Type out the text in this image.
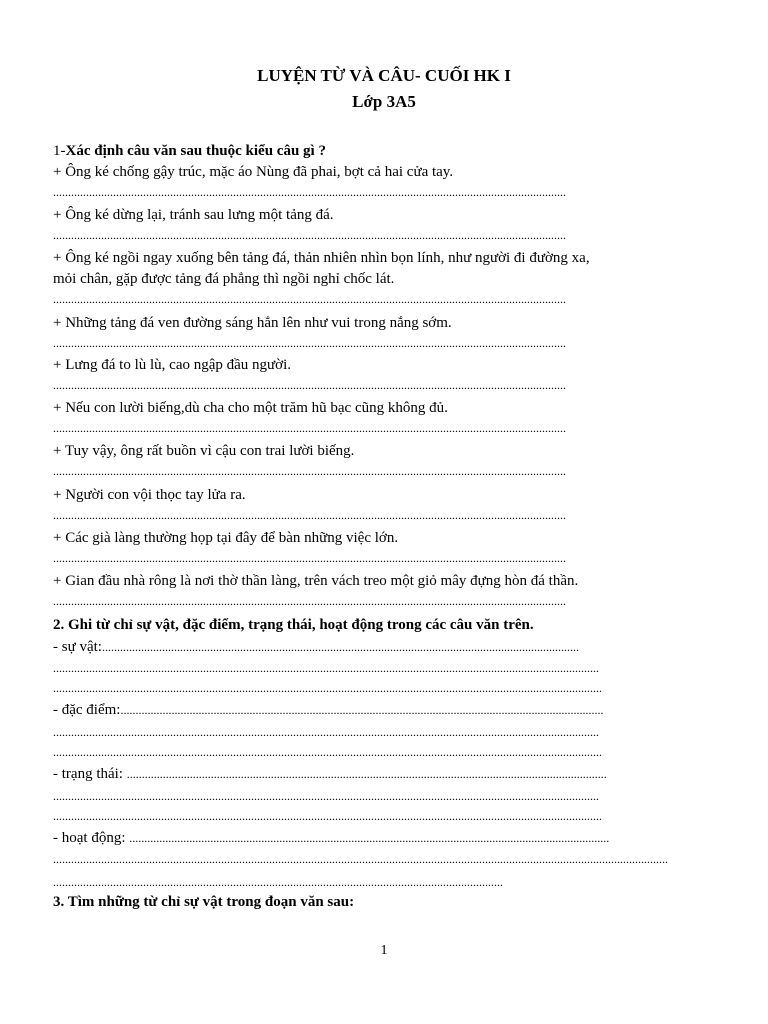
LUYỆN TỪ VÀ CÂU- CUỐI HK I
Lớp 3A5
1-Xác định câu văn sau thuộc kiểu câu gì ?
+ Ông ké chống gậy trúc, mặc áo Nùng đã phai, bợt cả hai cửa tay.
...........................................................................................................................................................................
+ Ông ké dừng lại, tránh sau lưng một tảng đá.
...........................................................................................................................................................................
+ Ông ké ngồi ngay xuống bên tảng đá, thản nhiên nhìn bọn lính, như người đi đường xa,
mỏi chân, gặp được tảng đá phẳng thì ngồi nghỉ chốc lát.
...........................................................................................................................................................................
+ Những tảng đá ven đường sáng hẳn lên như vui trong nắng sớm.
...........................................................................................................................................................................
+ Lưng đá to lù lù, cao ngập đầu người.
...........................................................................................................................................................................
+ Nếu con lười biếng,dù cha cho một trăm hũ bạc cũng không đủ.
...........................................................................................................................................................................
+ Tuy vậy, ông rất buồn vì cậu con trai lười biếng.
...........................................................................................................................................................................
+ Người con vội thọc tay lửa ra.
...........................................................................................................................................................................
+ Các già làng thường họp tại đây để bàn những việc lớn.
...........................................................................................................................................................................
+ Gian đầu nhà rông là nơi thờ thần làng, trên vách treo một giỏ mây đựng hòn đá thần.
...........................................................................................................................................................................
2. Ghi từ chỉ sự vật, đặc điểm, trạng thái, hoạt động trong các câu văn trên.
- sự vật:...............................................................................................................................................................
......................................................................................................................................................................................
.......................................................................................................................................................................................
- đặc điểm:.................................................................................................................................................................
......................................................................................................................................................................................
.......................................................................................................................................................................................
- trạng thái: ................................................................................................................................................................
......................................................................................................................................................................................
.......................................................................................................................................................................................
- hoạt động: ................................................................................................................................................................
.............................................................................................................................................................................................................
......................................................................................................................................................
3. Tìm những từ chỉ sự vật trong đoạn văn sau:
1
